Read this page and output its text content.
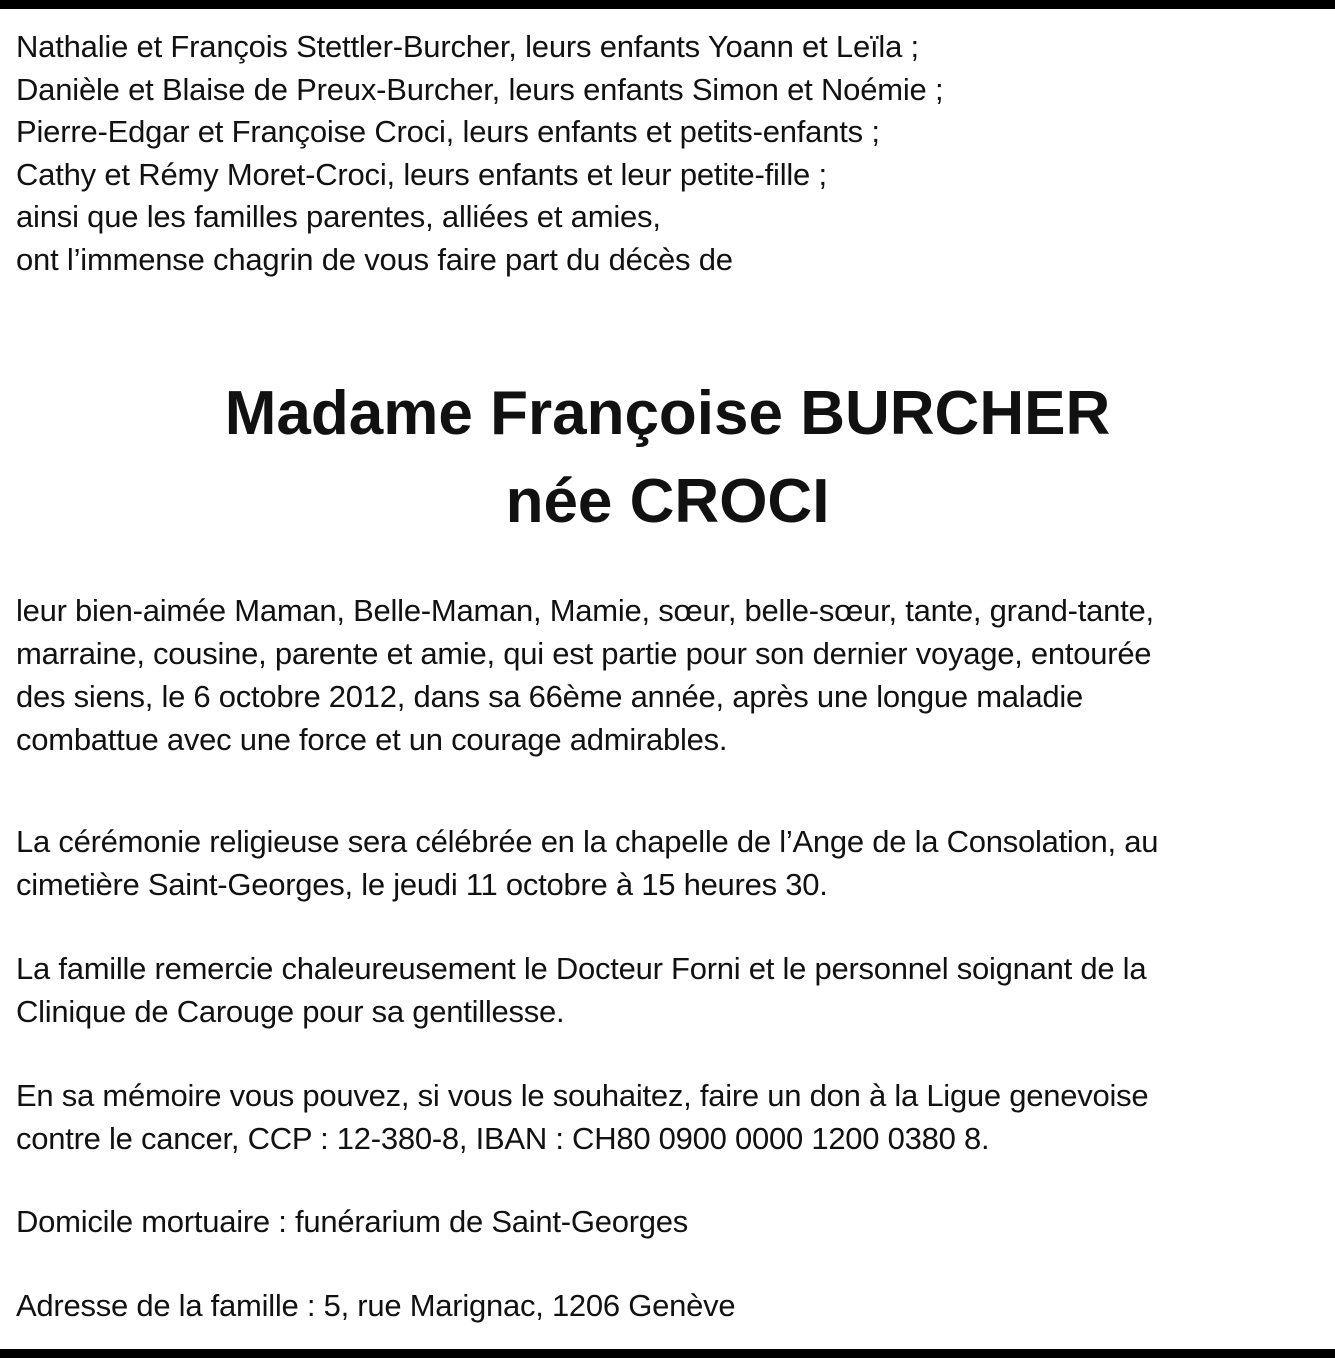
Nathalie et François Stettler-Burcher, leurs enfants Yoann et Leïla ;
Danièle et Blaise de Preux-Burcher, leurs enfants Simon et Noémie ;
Pierre-Edgar et Françoise Croci, leurs enfants et petits-enfants ;
Cathy et Rémy Moret-Croci, leurs enfants et leur petite-fille ;
ainsi que les familles parentes, alliées et amies,
ont l’immense chagrin de vous faire part du décès de
Madame Françoise BURCHER
née CROCI
leur bien-aimée Maman, Belle-Maman, Mamie, sœur, belle-sœur, tante, grand-tante,
marraine, cousine, parente et amie, qui est partie pour son dernier voyage, entourée
des siens, le 6 octobre 2012, dans sa 66ème année, après une longue maladie
combattue avec une force et un courage admirables.
La cérémonie religieuse sera célébrée en la chapelle de l’Ange de la Consolation, au
cimetière Saint-Georges, le jeudi 11 octobre à 15 heures 30.
La famille remercie chaleureusement le Docteur Forni et le personnel soignant de la
Clinique de Carouge pour sa gentillesse.
En sa mémoire vous pouvez, si vous le souhaitez, faire un don à la Ligue genevoise
contre le cancer, CCP : 12-380-8, IBAN : CH80 0900 0000 1200 0380 8.
Domicile mortuaire : funérarium de Saint-Georges
Adresse de la famille : 5, rue Marignac, 1206 Genève
